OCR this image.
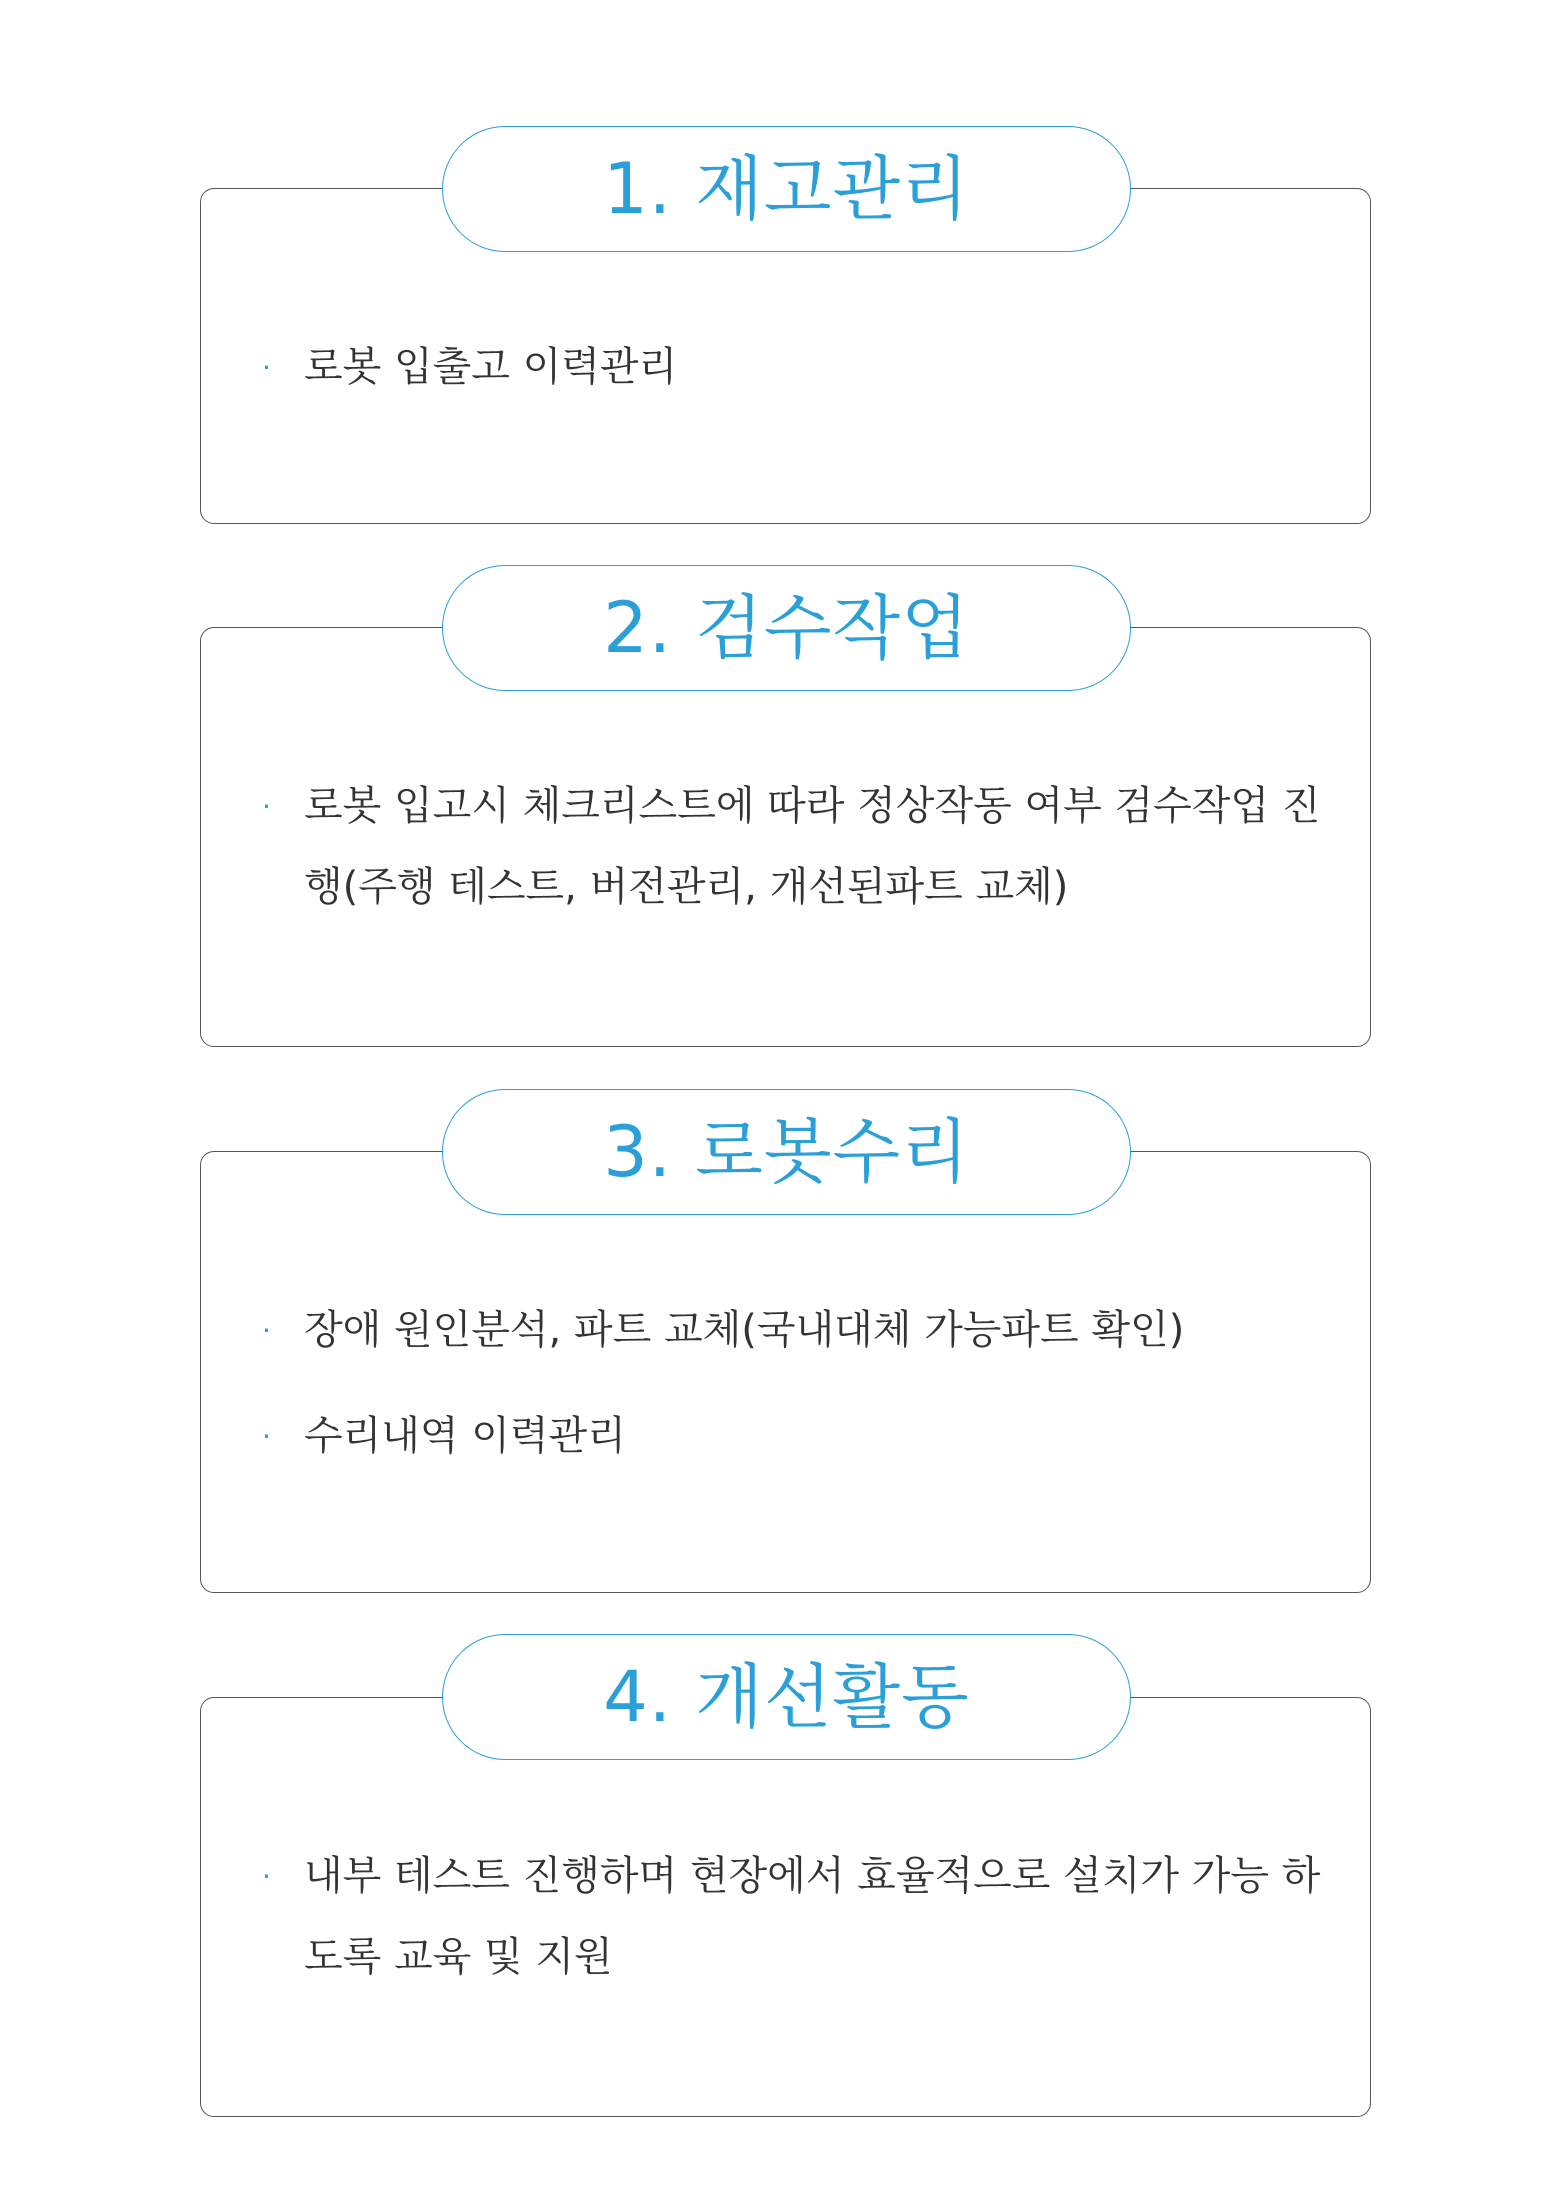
1. 재고관리
· 로봇 입출고 이력관리
2. 검수작업
· 로봇 입고시 체크리스트에 따라 정상작동 여부 검수작업 진행(주행 테스트, 버전관리, 개선된파트 교체)
3. 로봇수리
· 장애 원인분석, 파트 교체(국내대체 가능파트 확인)
· 수리내역 이력관리
4. 개선활동
· 내부 테스트 진행하며 현장에서 효율적으로 설치가 가능 하도록 교육 및 지원
